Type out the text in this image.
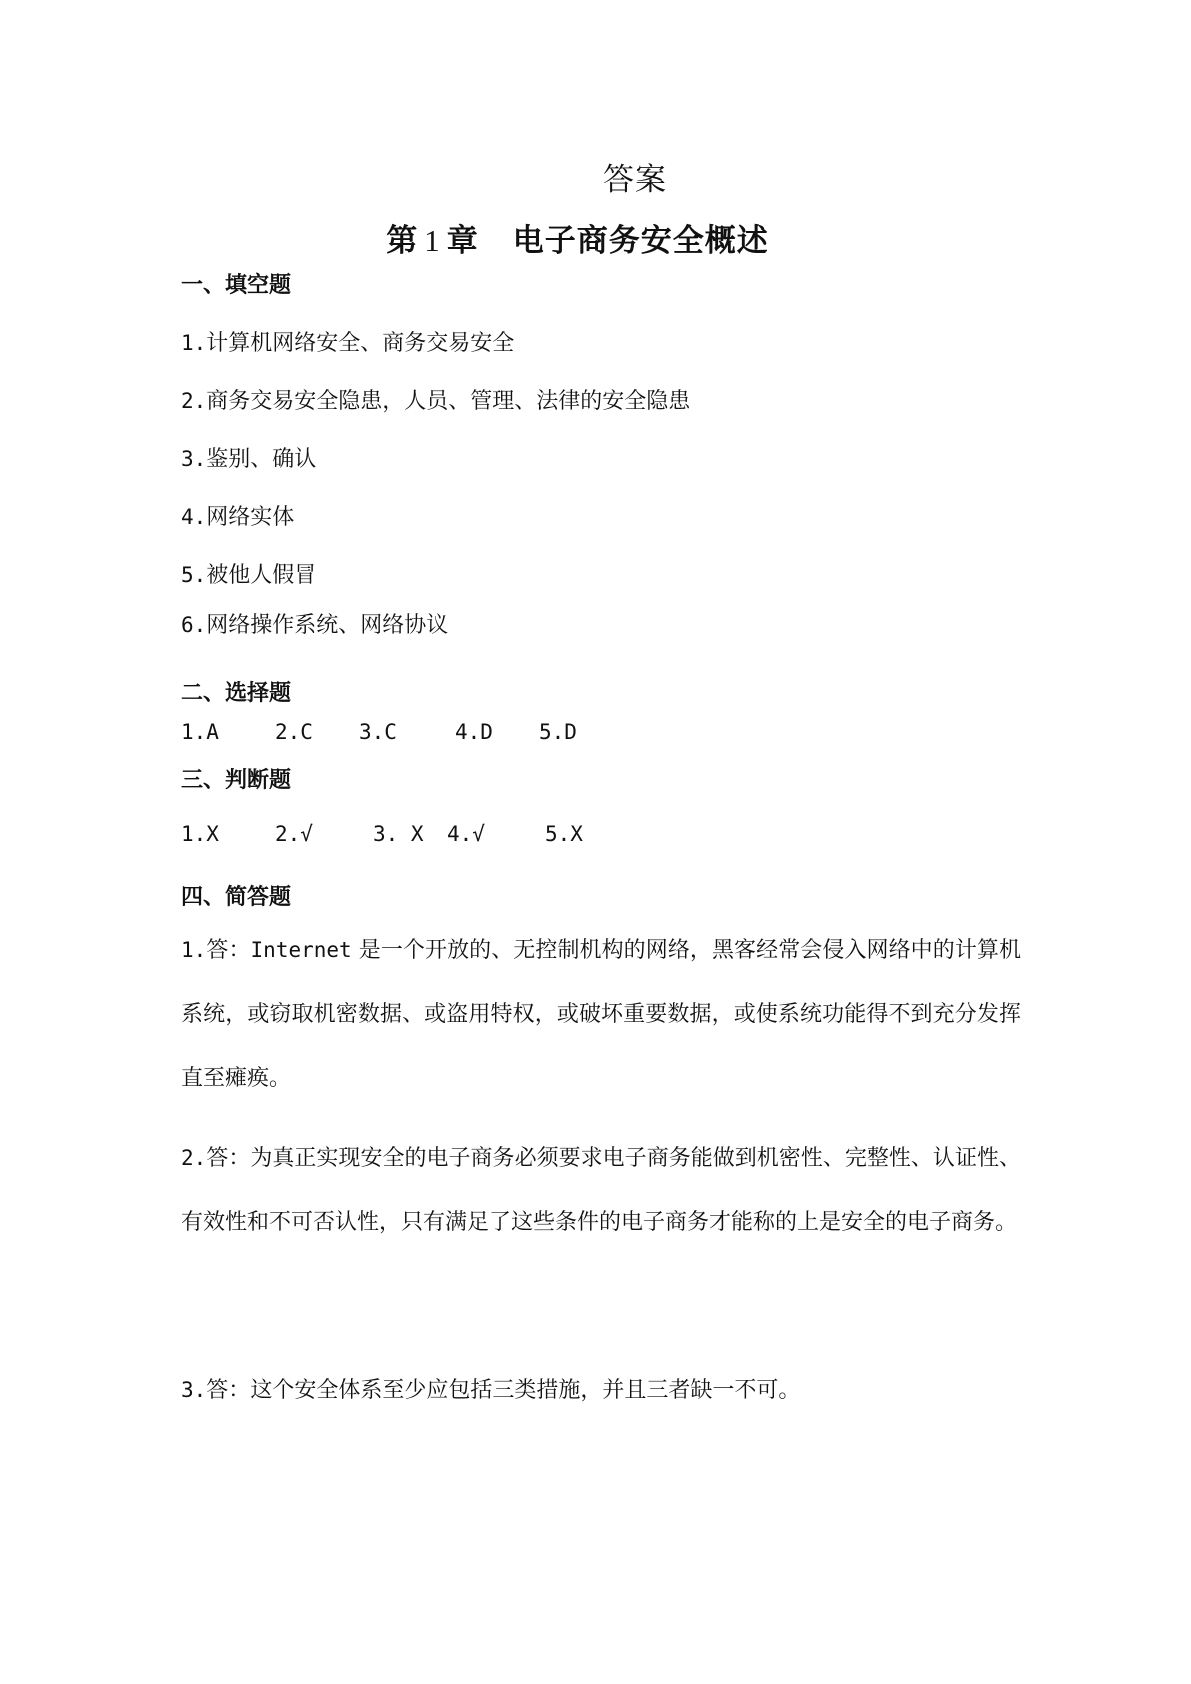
答案
第 1 章 电子商务安全概述
一、填空题
1.计算机网络安全、商务交易安全
2.商务交易安全隐患，人员、管理、法律的安全隐患
3.鉴别、确认
4.网络实体
5.被他人假冒
6.网络操作系统、网络协议
二、选择题
1.A	2.C 3.C	4.D 5.D
三、判断题
1.X	2.√	3. X 4.√	5.X
四、简答题
1.答：Internet 是一个开放的、无控制机构的网络，黑客经常会侵入网络中的计算机系统，或窃取机密数据、或盗用特权，或破坏重要数据，或使系统功能得不到充分发挥直至瘫痪。
2.答：为真正实现安全的电子商务必须要求电子商务能做到机密性、完整性、认证性、有效性和不可否认性，只有满足了这些条件的电子商务才能称的上是安全的电子商务。
3.答：这个安全体系至少应包括三类措施，并且三者缺一不可。
